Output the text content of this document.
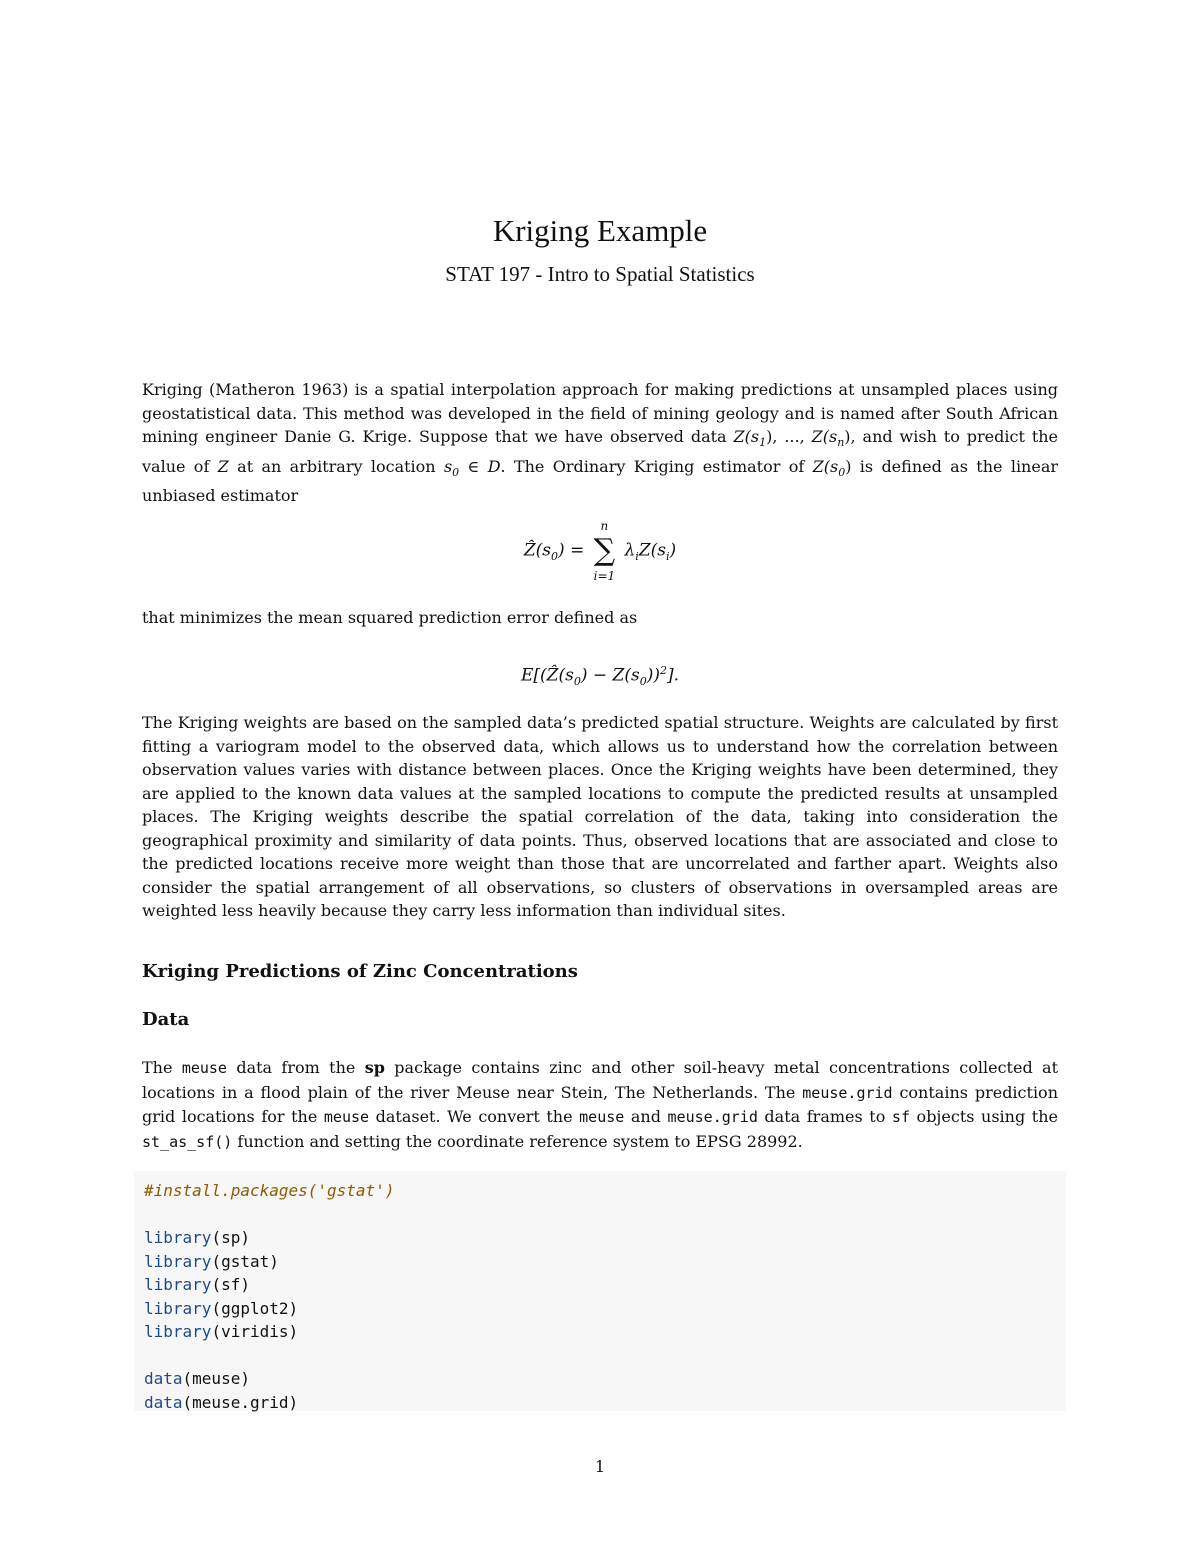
Kriging Example
STAT 197 - Intro to Spatial Statistics

Kriging (Matheron 1963) is a spatial interpolation approach for making predictions at unsampled places using geostatistical data. This method was developed in the field of mining geology and is named after South African mining engineer Danie G. Krige. Suppose that we have observed data $Z(s_1)$, ..., $Z(s_n)$, and wish to predict the value of Z at an arbitrary location $s_0$ ∈ D. The Ordinary Kriging estimator of $Z(s_0)$ is defined as the linear unbiased estimator

$Ẑ(s_0)$ =
n
∑
i=1
$\lambda_iZ(s_i)$

that minimizes the mean squared prediction error defined as

$E[(Ẑ(s_0) - Z(s_0))^2]$.

The Kriging weights are based on the sampled data’s predicted spatial structure. Weights are calculated by first fitting a variogram model to the observed data, which allows us to understand how the correlation between observation values varies with distance between places. Once the Kriging weights have been determined, they are applied to the known data values at the sampled locations to compute the predicted results at unsampled places. The Kriging weights describe the spatial correlation of the data, taking into consideration the geographical proximity and similarity of data points. Thus, observed locations that are associated and close to the predicted locations receive more weight than those that are uncorrelated and farther apart. Weights also consider the spatial arrangement of all observations, so clusters of observations in oversampled areas are weighted less heavily because they carry less information than individual sites.

Kriging Predictions of Zinc Concentrations
Data

The meuse data from the sp package contains zinc and other soil-heavy metal concentrations collected at locations in a flood plain of the river Meuse near Stein, The Netherlands. The meuse.grid contains prediction grid locations for the meuse dataset. We convert the meuse and meuse.grid data frames to sf objects using the st_as_sf() function and setting the coordinate reference system to EPSG 28992.

#install.packages('gstat')
library(sp)
library(gstat)
library(sf)
library(ggplot2)
library(viridis)
data(meuse)
data(meuse.grid)
1
